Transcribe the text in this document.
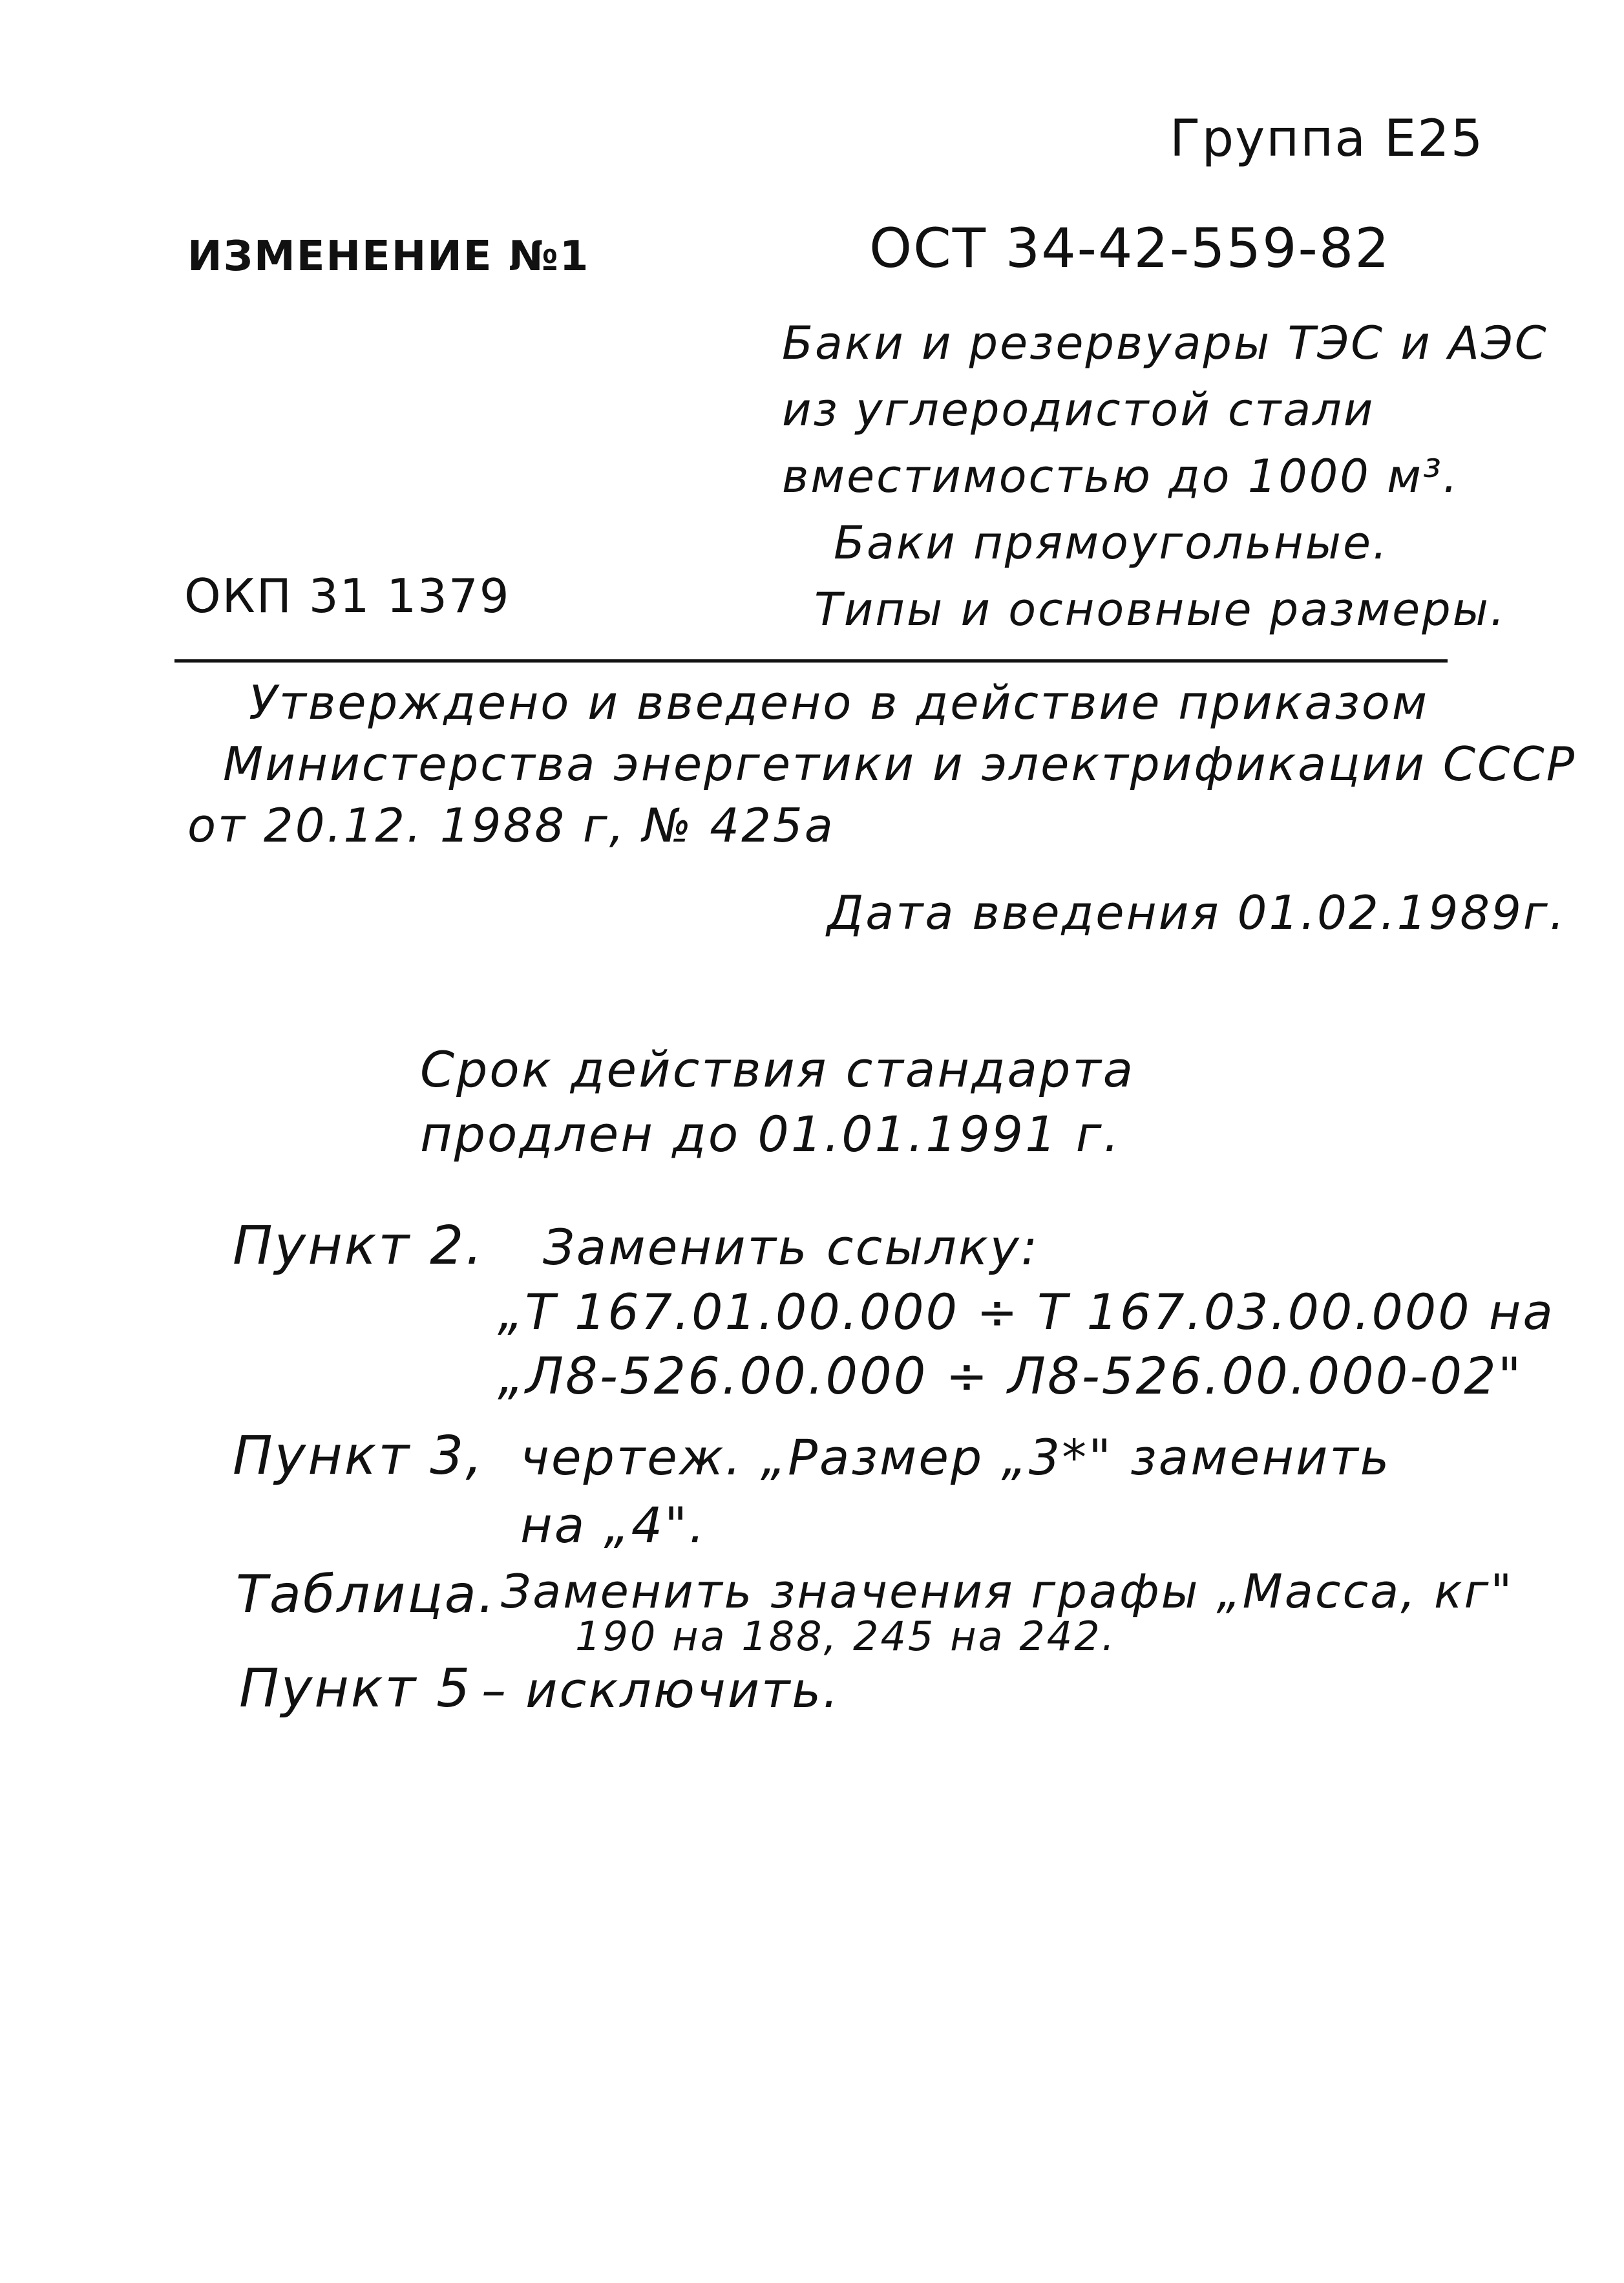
Группа Е25
ИЗМЕНЕНИЕ №1	ОСТ 34-42-559-82
Баки и резервуары ТЭС и АЭС
из углеродистой стали
вместимостью до 1000 м³.
Баки прямоугольные.
Типы и основные размеры.
ОКП 31 1379
Утверждено и введено в действие приказом
Министерства энергетики и электрификации СССР
от 20.12. 1988 г, № 425а
Дата введения 01.02.1989г.
Срок действия стандарта
продлен до 01.01.1991 г.
Пункт 2. Заменить ссылку:
„Т 167.01.00.000 ÷ Т 167.03.00.000 на
„Л8-526.00.000 ÷ Л8-526.00.000-02"
Пункт 3, чертеж. „Размер „3*" заменить
на „4".
Таблица. Заменить значения графы „Масса, кг"
190 на 188, 245 на 242.
Пункт 5 – исключить.
